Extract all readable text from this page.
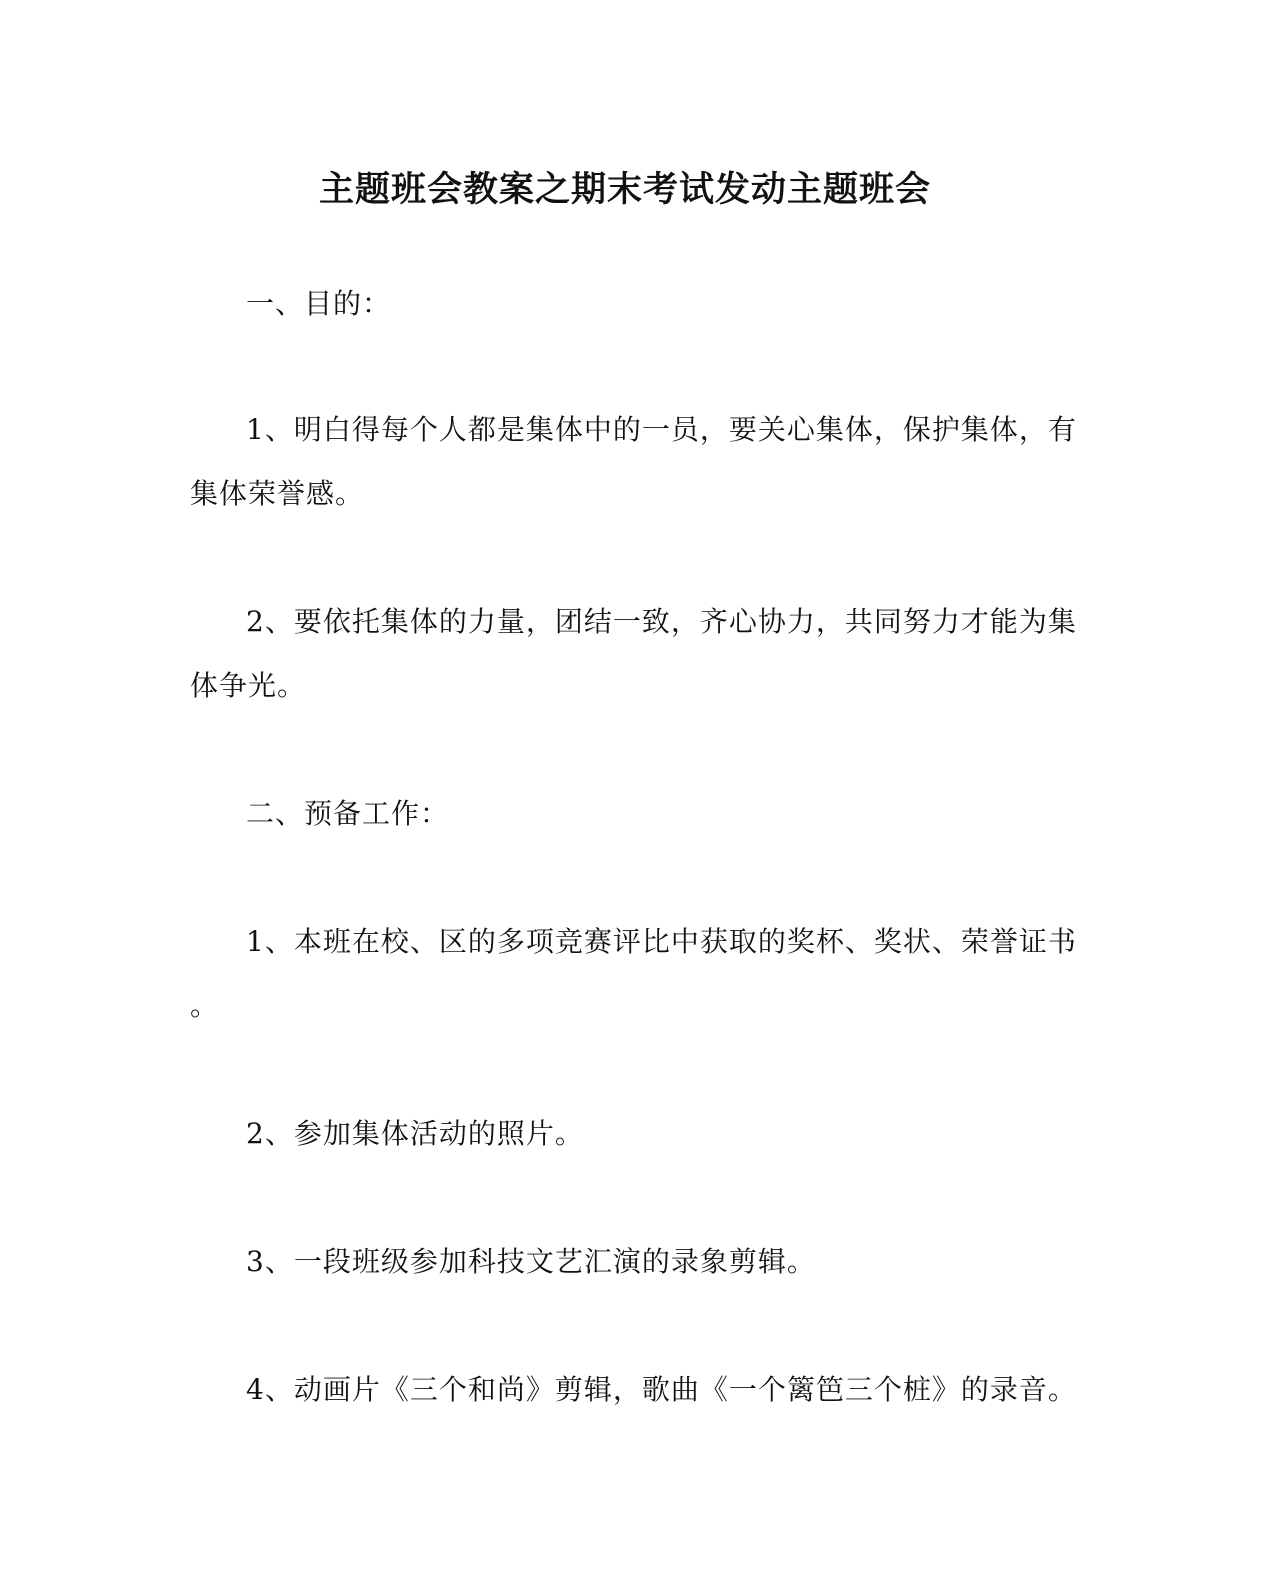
主题班会教案之期末考试发动主题班会
一、目的：
1、明白得每个人都是集体中的一员，要关心集体，保护集体，有
集体荣誉感。
2、要依托集体的力量，团结一致，齐心协力，共同努力才能为集
体争光。
二、预备工作：
1、本班在校、区的多项竞赛评比中获取的奖杯、奖状、荣誉证书
。
2、参加集体活动的照片。
3、一段班级参加科技文艺汇演的录象剪辑。
4、动画片《三个和尚》剪辑，歌曲《一个篱笆三个桩》的录音。
